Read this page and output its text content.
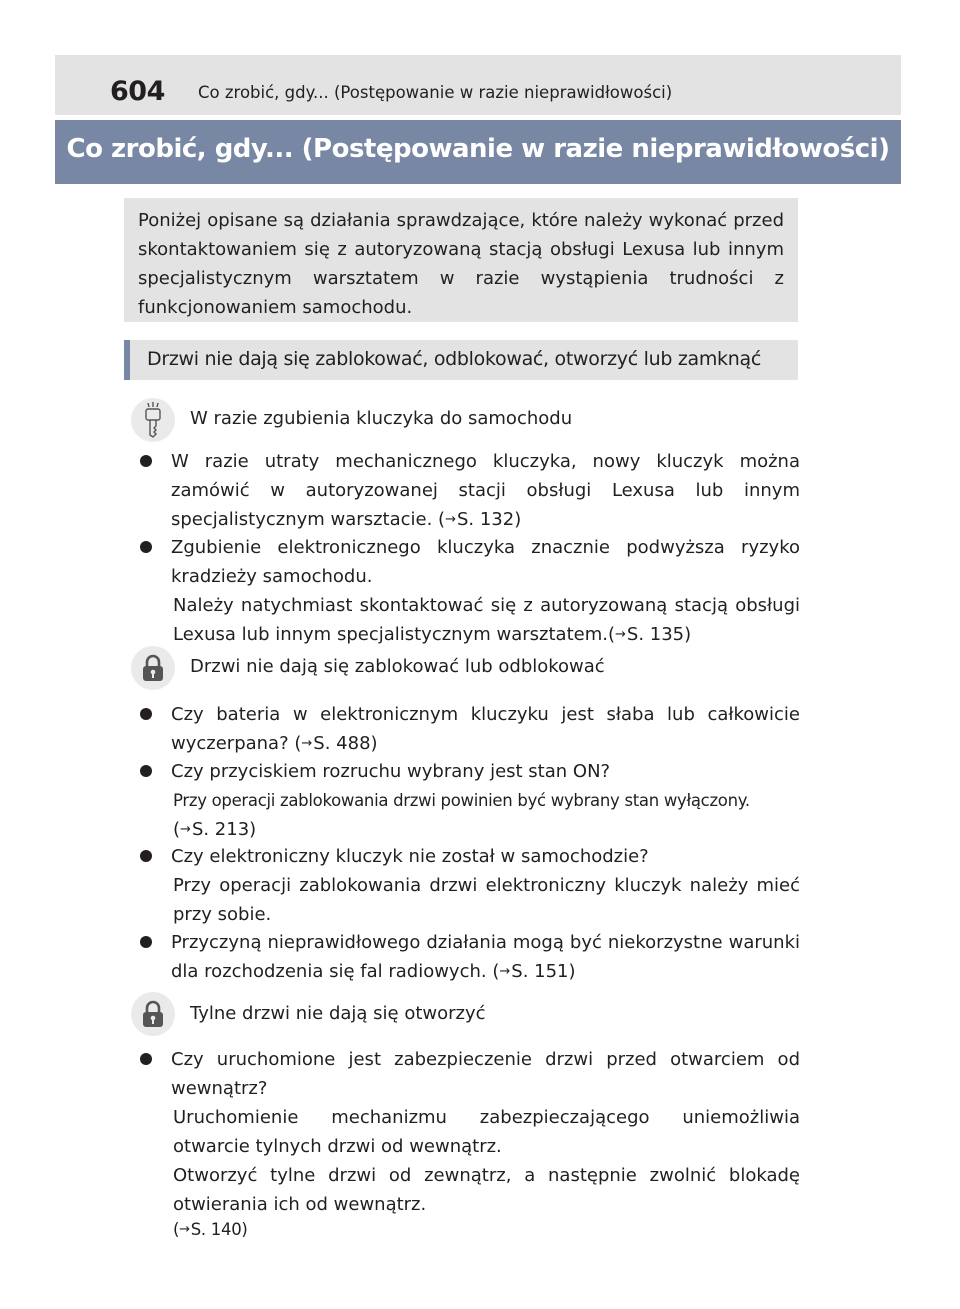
604 Co zrobić, gdy... (Postępowanie w razie nieprawidłowości)
Co zrobić, gdy... (Postępowanie w razie nieprawidłowości)
Poniżej opisane są działania sprawdzające, które należy wykonać przed skontaktowaniem się z autoryzowaną stacją obsługi Lexusa lub innym specjalistycznym warsztatem w razie wystąpienia trudności z funkcjonowaniem samochodu.
Drzwi nie dają się zablokować, odblokować, otworzyć lub zamknąć
W razie zgubienia kluczyka do samochodu
W razie utraty mechanicznego kluczyka, nowy kluczyk można zamówić w autoryzowanej stacji obsługi Lexusa lub innym specjalistycznym warsztacie. (→S. 132)
Zgubienie elektronicznego kluczyka znacznie podwyższa ryzyko kradzieży samochodu.
Należy natychmiast skontaktować się z autoryzowaną stacją obsługi Lexusa lub innym specjalistycznym warsztatem.(→S. 135)
Drzwi nie dają się zablokować lub odblokować
Czy bateria w elektronicznym kluczyku jest słaba lub całkowicie wyczerpana? (→S. 488)
Czy przyciskiem rozruchu wybrany jest stan ON?
Przy operacji zablokowania drzwi powinien być wybrany stan wyłączony.
(→S. 213)
Czy elektroniczny kluczyk nie został w samochodzie?
Przy operacji zablokowania drzwi elektroniczny kluczyk należy mieć przy sobie.
Przyczyną nieprawidłowego działania mogą być niekorzystne warunki dla rozchodzenia się fal radiowych. (→S. 151)
Tylne drzwi nie dają się otworzyć
Czy uruchomione jest zabezpieczenie drzwi przed otwarciem od wewnątrz?
Uruchomienie mechanizmu zabezpieczającego uniemożliwia otwarcie tylnych drzwi od wewnątrz.
Otworzyć tylne drzwi od zewnątrz, a następnie zwolnić blokadę otwierania ich od wewnątrz.
(→S. 140)
